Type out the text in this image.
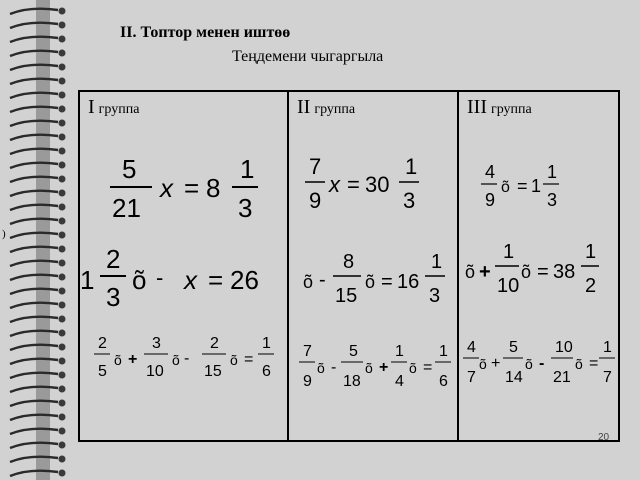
II. Топтор менен иштөө
Теңдемени чыгаргыла
)
I группа
5
21
x = 8
1
3
1
2
3
õ - x = 26
2
5
õ +
3
10
õ -
2
15
õ =
1
6
II группа
7
9
x = 30
1
3
õ -
8
15
õ = 16
1
3
7
9
õ -
5
18
õ +
1
4
õ =
1
6
III группа
4
9
õ = 1
1
3
õ +
1
10
õ = 38
1
2
4
7
õ +
5
14
õ -
10
21
õ =
1
7
20
